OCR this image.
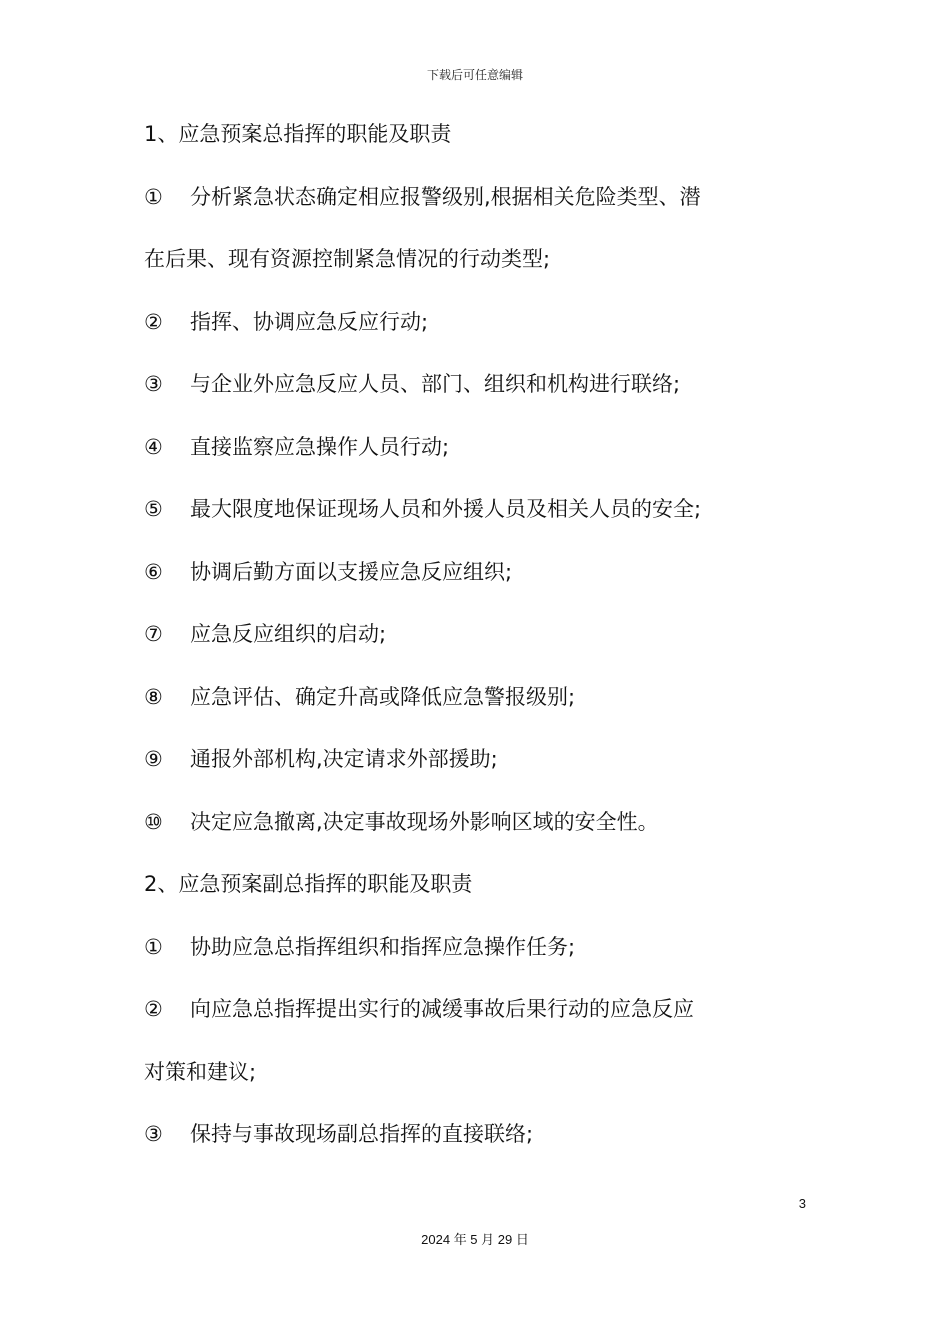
下载后可任意编辑
1、应急预案总指挥的职能及职责
① 分析紧急状态确定相应报警级别,根据相关危险类型、潜
在后果、现有资源控制紧急情况的行动类型;
② 指挥、协调应急反应行动;
③ 与企业外应急反应人员、部门、组织和机构进行联络;
④ 直接监察应急操作人员行动;
⑤ 最大限度地保证现场人员和外援人员及相关人员的安全;
⑥ 协调后勤方面以支援应急反应组织;
⑦ 应急反应组织的启动;
⑧ 应急评估、确定升高或降低应急警报级别;
⑨ 通报外部机构,决定请求外部援助;
⑩ 决定应急撤离,决定事故现场外影响区域的安全性。
2、应急预案副总指挥的职能及职责
① 协助应急总指挥组织和指挥应急操作任务;
② 向应急总指挥提出实行的减缓事故后果行动的应急反应
对策和建议;
③ 保持与事故现场副总指挥的直接联络;
3
2024 年 5 月 29 日
